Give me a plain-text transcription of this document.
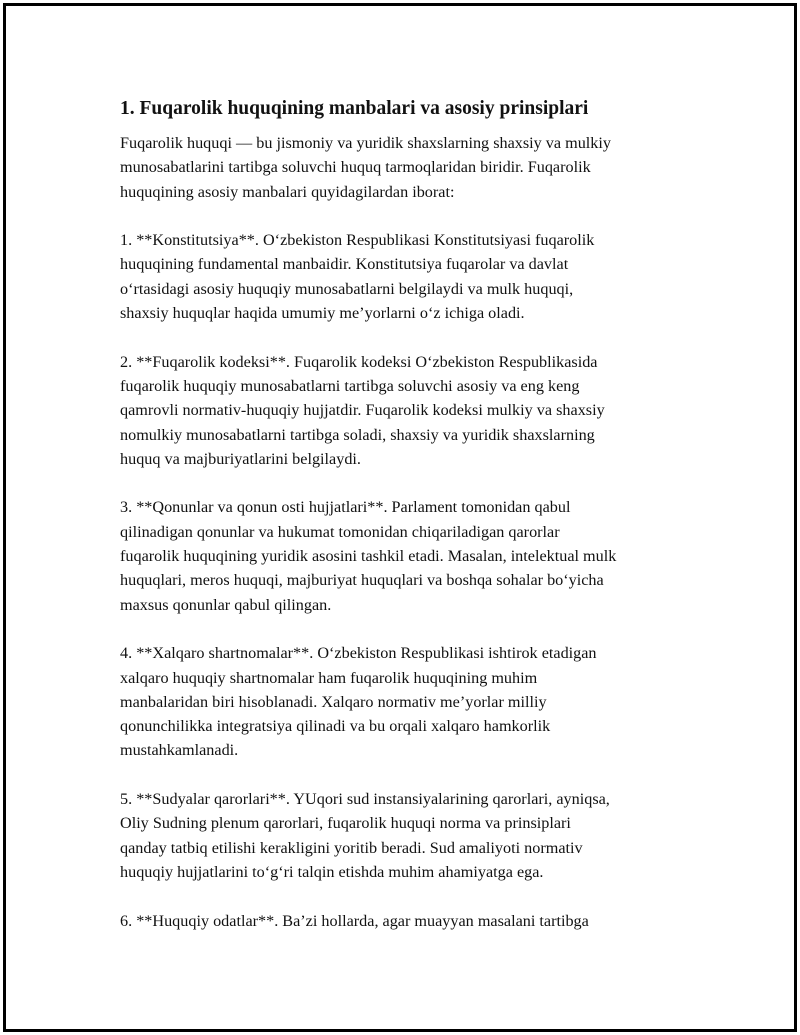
1. Fuqarolik huquqining manbalari va asosiy prinsiplari

Fuqarolik huquqi — bu jismoniy va yuridik shaxslarning shaxsiy va mulkiy
munosabatlarini tartibga soluvchi huquq tarmoqlaridan biridir. Fuqarolik
huquqining asosiy manbalari quyidagilardan iborat:

1. **Konstitutsiya**. O‘zbekiston Respublikasi Konstitutsiyasi fuqarolik
huquqining fundamental manbaidir. Konstitutsiya fuqarolar va davlat
o‘rtasidagi asosiy huquqiy munosabatlarni belgilaydi va mulk huquqi,
shaxsiy huquqlar haqida umumiy me’yorlarni o‘z ichiga oladi.

2. **Fuqarolik kodeksi**. Fuqarolik kodeksi O‘zbekiston Respublikasida
fuqarolik huquqiy munosabatlarni tartibga soluvchi asosiy va eng keng
qamrovli normativ-huquqiy hujjatdir. Fuqarolik kodeksi mulkiy va shaxsiy
nomulkiy munosabatlarni tartibga soladi, shaxsiy va yuridik shaxslarning
huquq va majburiyatlarini belgilaydi.

3. **Qonunlar va qonun osti hujjatlari**. Parlament tomonidan qabul
qilinadigan qonunlar va hukumat tomonidan chiqariladigan qarorlar
fuqarolik huquqining yuridik asosini tashkil etadi. Masalan, intelektual mulk
huquqlari, meros huquqi, majburiyat huquqlari va boshqa sohalar bo‘yicha
maxsus qonunlar qabul qilingan.

4. **Xalqaro shartnomalar**. O‘zbekiston Respublikasi ishtirok etadigan
xalqaro huquqiy shartnomalar ham fuqarolik huquqining muhim
manbalaridan biri hisoblanadi. Xalqaro normativ me’yorlar milliy
qonunchilikka integratsiya qilinadi va bu orqali xalqaro hamkorlik
mustahkamlanadi.

5. **Sudyalar qarorlari**. YUqori sud instansiyalarining qarorlari, ayniqsa,
Oliy Sudning plenum qarorlari, fuqarolik huquqi norma va prinsiplari
qanday tatbiq etilishi kerakligini yoritib beradi. Sud amaliyoti normativ
huquqiy hujjatlarini to‘g‘ri talqin etishda muhim ahamiyatga ega.

6. **Huquqiy odatlar**. Ba’zi hollarda, agar muayyan masalani tartibga
